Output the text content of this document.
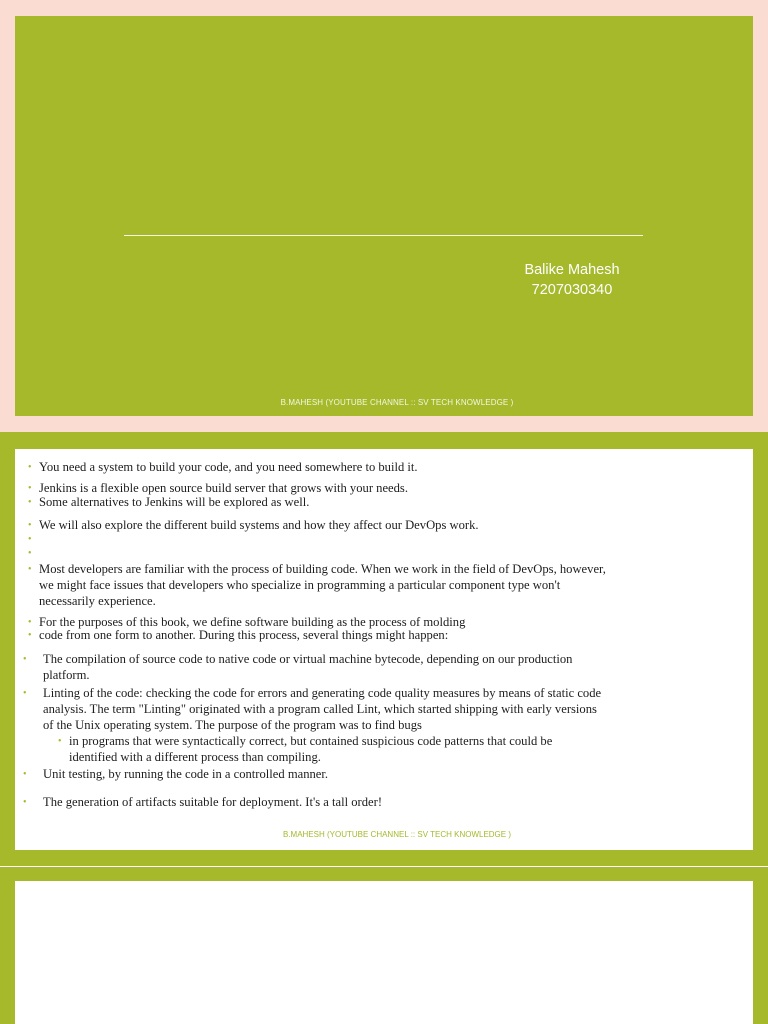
Balike Mahesh
7207030340
B.MAHESH (YOUTUBE CHANNEL :: SV TECH KNOWLEDGE )
• You need a system to build your code, and you need somewhere to build it.
• Jenkins is a flexible open source build server that grows with your needs.
• Some alternatives to Jenkins will be explored as well.
• We will also explore the different build systems and how they affect our DevOps work.
•
•
• Most developers are familiar with the process of building code. When we work in the field of DevOps, however,
we might face issues that developers who specialize in programming a particular component type won't
necessarily experience.
• For the purposes of this book, we define software building as the process of molding
• code from one form to another. During this process, several things might happen:
• The compilation of source code to native code or virtual machine bytecode, depending on our production
platform.
• Linting of the code: checking the code for errors and generating code quality measures by means of static code
analysis. The term "Linting" originated with a program called Lint, which started shipping with early versions
of the Unix operating system. The purpose of the program was to find bugs
• in programs that were syntactically correct, but contained suspicious code patterns that could be
identified with a different process than compiling.
• Unit testing, by running the code in a controlled manner.
• The generation of artifacts suitable for deployment. It's a tall order!
B.MAHESH (YOUTUBE CHANNEL :: SV TECH KNOWLEDGE )
